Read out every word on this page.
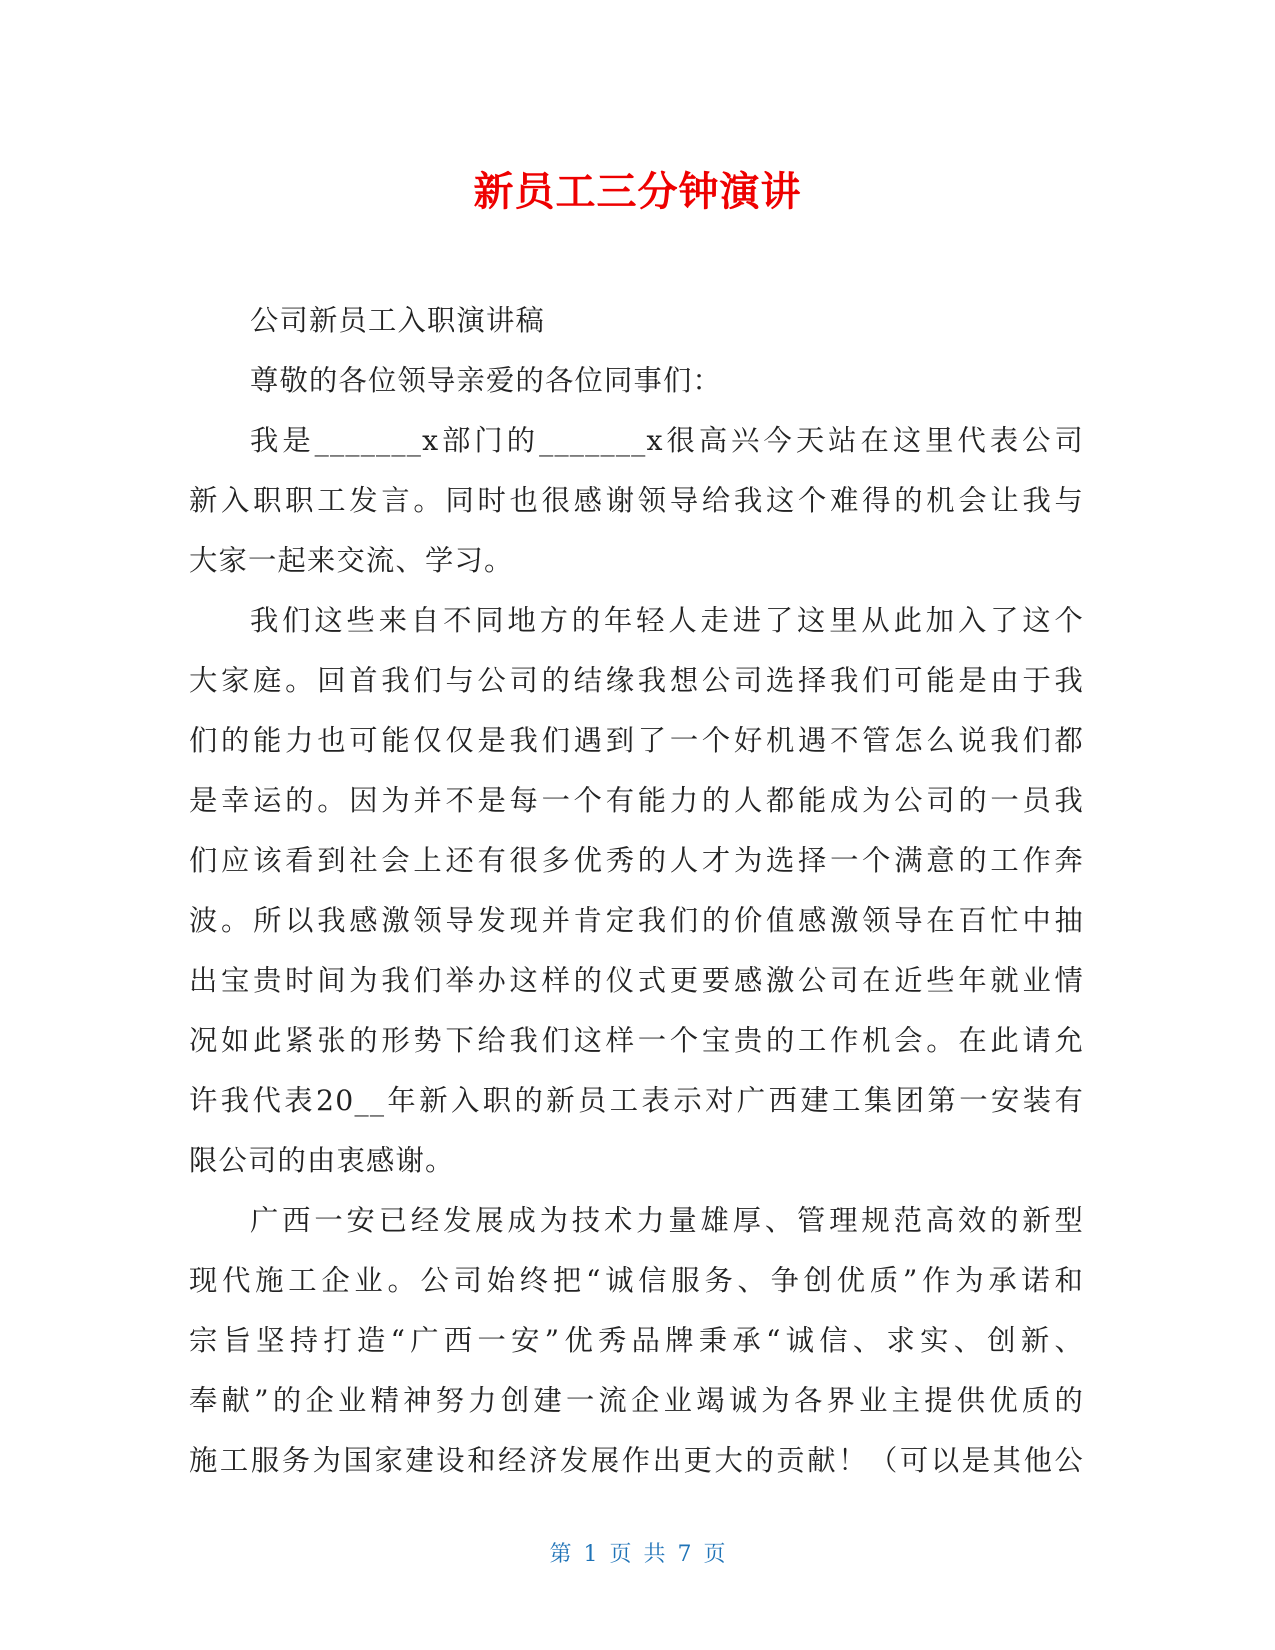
新员工三分钟演讲
公司新员工入职演讲稿
尊敬的各位领导亲爱的各位同事们：
我是_______x部门的_______x很高兴今天站在这里代表公司
新入职职工发言。同时也很感谢领导给我这个难得的机会让我与
大家一起来交流、学习。
我们这些来自不同地方的年轻人走进了这里从此加入了这个
大家庭。回首我们与公司的结缘我想公司选择我们可能是由于我
们的能力也可能仅仅是我们遇到了一个好机遇不管怎么说我们都
是幸运的。因为并不是每一个有能力的人都能成为公司的一员我
们应该看到社会上还有很多优秀的人才为选择一个满意的工作奔
波。所以我感激领导发现并肯定我们的价值感激领导在百忙中抽
出宝贵时间为我们举办这样的仪式更要感激公司在近些年就业情
况如此紧张的形势下给我们这样一个宝贵的工作机会。在此请允
许我代表20__年新入职的新员工表示对广西建工集团第一安装有
限公司的由衷感谢。
广西一安已经发展成为技术力量雄厚、管理规范高效的新型
现代施工企业。公司始终把“诚信服务、争创优质”作为承诺和
宗旨坚持打造“广西一安”优秀品牌秉承“诚信、求实、创新、
奉献”的企业精神努力创建一流企业竭诚为各界业主提供优质的
施工服务为国家建设和经济发展作出更大的贡献！（可以是其他公
第 1 页 共 7 页
